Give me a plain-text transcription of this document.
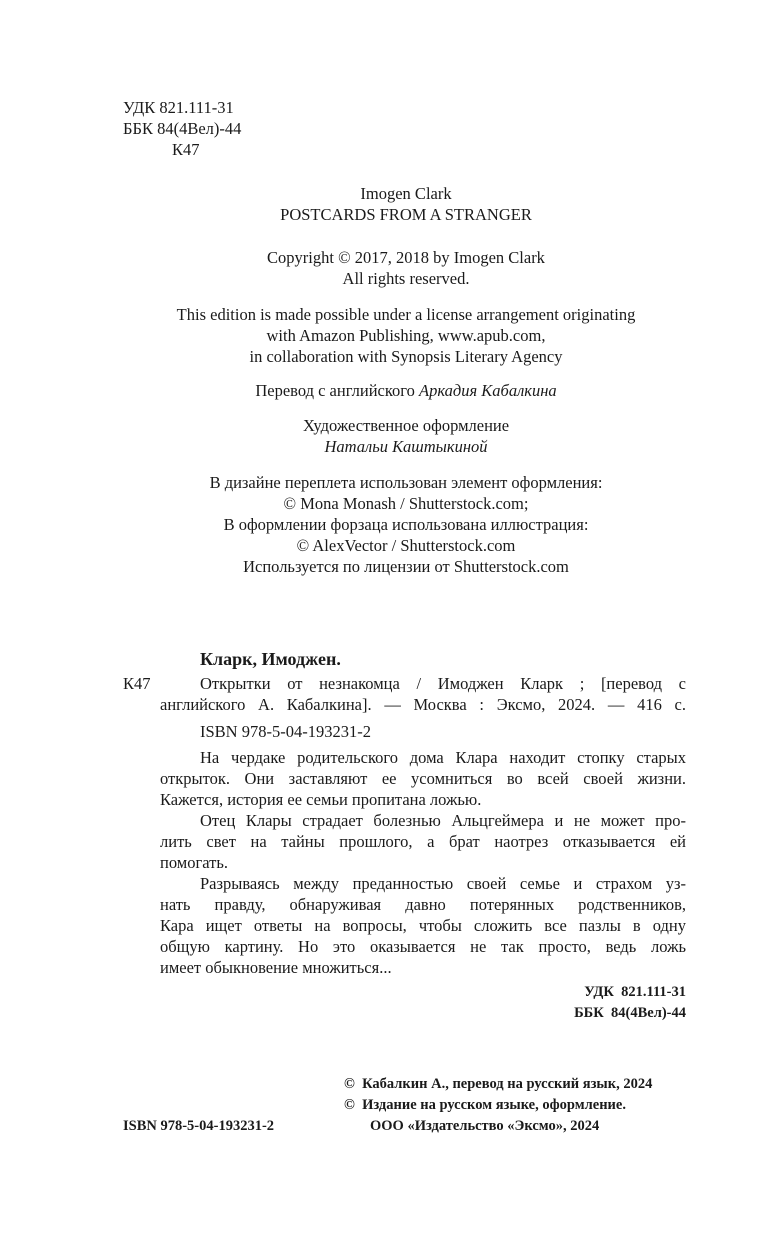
УДК 821.111-31
ББК 84(4Вел)-44
К47
Imogen Clark
POSTCARDS FROM A STRANGER
Copyright © 2017, 2018 by Imogen Clark
All rights reserved.
This edition is made possible under a license arrangement originating
with Amazon Publishing, www.apub.com,
in collaboration with Synopsis Literary Agency
Перевод с английского Аркадия Кабалкина
Художественное оформление
Натальи Каштыкиной
В дизайне переплета использован элемент оформления:
© Mona Monash / Shutterstock.com;
В оформлении форзаца использована иллюстрация:
© AlexVector / Shutterstock.com
Используется по лицензии от Shutterstock.com
Кларк, Имоджен.
К47	Открытки от незнакомца / Имоджен Кларк ; [перевод с
английского А. Кабалкина]. — Москва : Эксмо, 2024. — 416 с.
ISBN 978-5-04-193231-2
На чердаке родительского дома Клара находит стопку старых
открыток. Они заставляют ее усомниться во всей своей жизни.
Кажется, история ее семьи пропитана ложью.
Отец Клары страдает болезнью Альцгеймера и не может про-
лить свет на тайны прошлого, а брат наотрез отказывается ей
помогать.
Разрываясь между преданностью своей семье и страхом уз-
нать правду, обнаруживая давно потерянных родственников,
Кара ищет ответы на вопросы, чтобы сложить все пазлы в одну
общую картину. Но это оказывается не так просто, ведь ложь
имеет обыкновение множиться...
УДК  821.111-31
ББК  84(4Вел)-44
©  Кабалкин А., перевод на русский язык, 2024
©  Издание на русском языке, оформление.
ООО «Издательство «Эксмо», 2024
ISBN 978-5-04-193231-2
